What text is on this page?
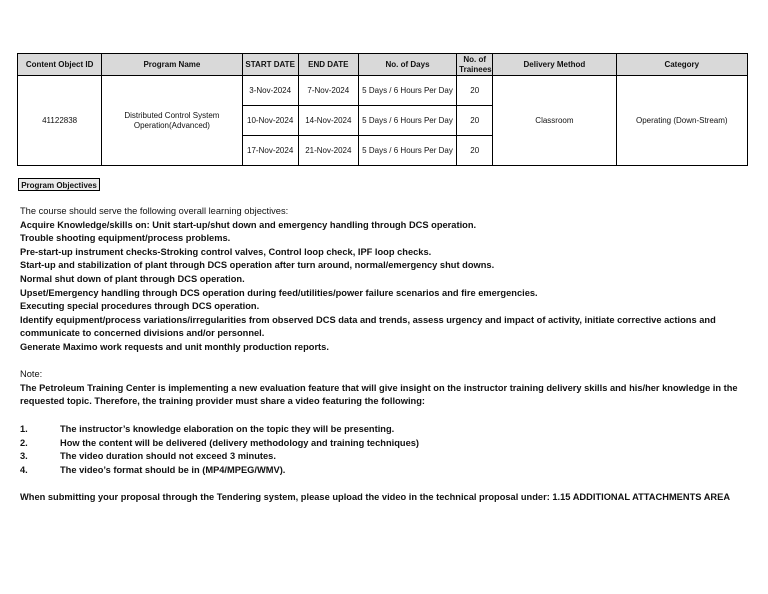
Content Object ID	Program Name	START DATE	END DATE	No. of Days	No. of Trainees	Delivery Method	Category
41122838	Distributed Control System Operation(Advanced)	3-Nov-2024	7-Nov-2024	5 Days / 6 Hours Per Day	20	Classroom	Operating (Down-Stream)
		10-Nov-2024	14-Nov-2024	5 Days / 6 Hours Per Day	20		
		17-Nov-2024	21-Nov-2024	5 Days / 6 Hours Per Day	20		
Program Objectives

The course should serve the following overall learning objectives:

Acquire Knowledge/skills on: Unit start-up/shut down and emergency handling through DCS operation.

Trouble shooting equipment/process problems.

Pre-start-up instrument checks-Stroking control valves, Control loop check, IPF loop checks.

Start-up and stabilization of plant through DCS operation after turn around, normal/emergency shut downs.

Normal shut down of plant through DCS operation.

Upset/Emergency handling through DCS operation during feed/utilities/power failure scenarios and fire emergencies.

Executing special procedures through DCS operation.

Identify equipment/process variations/irregularities from observed DCS data and trends, assess urgency and impact of activity, initiate corrective actions and communicate to concerned divisions and/or personnel.

Generate Maximo work requests and unit monthly production reports.

Note:

The Petroleum Training Center is implementing a new evaluation feature that will give insight on the instructor training delivery skills and his/her knowledge in the requested topic. Therefore, the training provider must share a video featuring the following:

1.	The instructor’s knowledge elaboration on the topic they will be presenting.
2.	How the content will be delivered (delivery methodology and training techniques)
3.	The video duration should not exceed 3 minutes.
4.	The video’s format should be in (MP4/MPEG/WMV).

When submitting your proposal through the Tendering system, please upload the video in the technical proposal under: 1.15 ADDITIONAL ATTACHMENTS AREA
